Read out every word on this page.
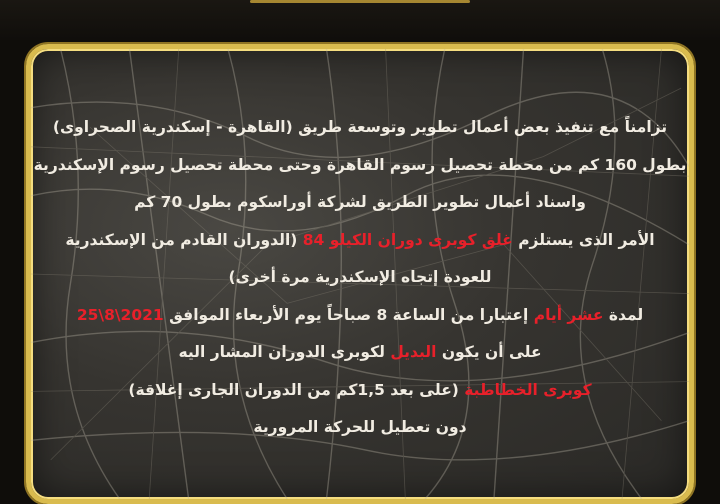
تزامناً مع تنفيذ بعض أعمال تطوير وتوسعة طريق (القاهرة - إسكندرية الصحراوى)
بطول 160 كم من محطة تحصيل رسوم القاهرة وحتى محطة تحصيل رسوم الإسكندرية
واسناد أعمال تطوير الطريق لشركة أوراسكوم بطول 70 كم
الأمر الذى يستلزم غلق كوبرى دوران الكيلو 84 (الدوران القادم من الإسكندرية
للعودة إتجاه الإسكندرية مرة أخرى)
لمدة عشر أيام إعتبارا من الساعة 8 صباحاً يوم الأربعاء الموافق 2021\8\25
على أن يكون البديل لكوبرى الدوران المشار اليه
كوبرى الخطاطبة (على بعد 1,5كم من الدوران الجارى إغلاقة)
دون تعطيل للحركة المرورية
